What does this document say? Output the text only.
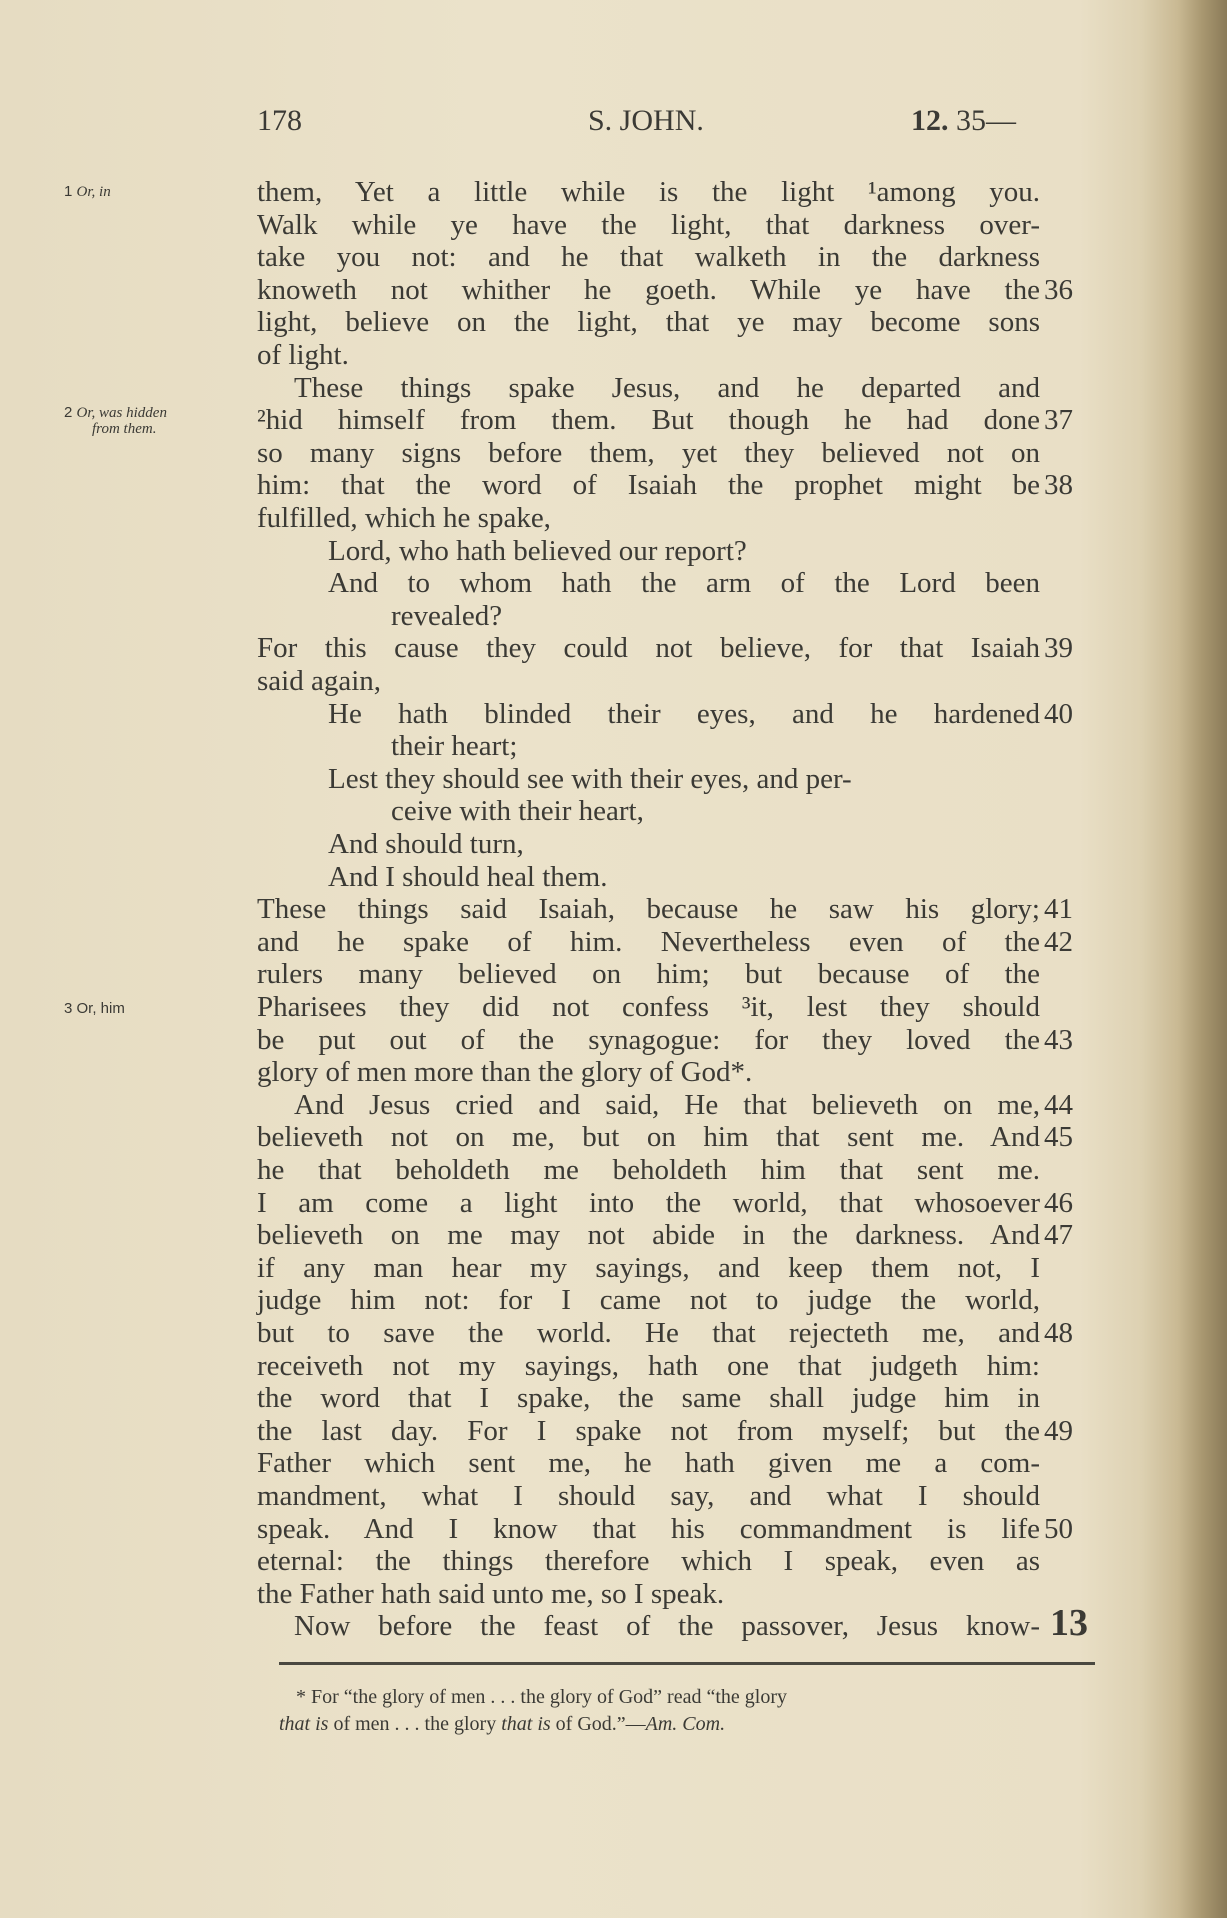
178	S. JOHN.	12. 35—
1 Or, in
2 Or, was hidden
from them.
3 Or, him
them, Yet a little while is the light ¹among you.
Walk while ye have the light, that darkness over-
take you not: and he that walketh in the darkness
knoweth not whither he goeth. While ye have the 36
light, believe on the light, that ye may become sons
of light.
These things spake Jesus, and he departed and
²hid himself from them. But though he had done 37
so many signs before them, yet they believed not on
him: that the word of Isaiah the prophet might be 38
fulfilled, which he spake,
Lord, who hath believed our report?
And to whom hath the arm of the Lord been
revealed?
For this cause they could not believe, for that Isaiah 39
said again,
He hath blinded their eyes, and he hardened 40
their heart;
Lest they should see with their eyes, and per-
ceive with their heart,
And should turn,
And I should heal them.
These things said Isaiah, because he saw his glory; 41
and he spake of him. Nevertheless even of the 42
rulers many believed on him; but because of the
Pharisees they did not confess ³it, lest they should
be put out of the synagogue: for they loved the 43
glory of men more than the glory of God*.
And Jesus cried and said, He that believeth on me, 44
believeth not on me, but on him that sent me. And 45
he that beholdeth me beholdeth him that sent me.
I am come a light into the world, that whosoever 46
believeth on me may not abide in the darkness. And 47
if any man hear my sayings, and keep them not, I
judge him not: for I came not to judge the world,
but to save the world. He that rejecteth me, and 48
receiveth not my sayings, hath one that judgeth him:
the word that I spake, the same shall judge him in
the last day. For I spake not from myself; but the 49
Father which sent me, he hath given me a com-
mandment, what I should say, and what I should
speak. And I know that his commandment is life 50
eternal: the things therefore which I speak, even as
the Father hath said unto me, so I speak.
Now before the feast of the passover, Jesus know- 13
* For “the glory of men . . . the glory of God” read “the glory
that is of men . . . the glory that is of God.”—Am. Com.
